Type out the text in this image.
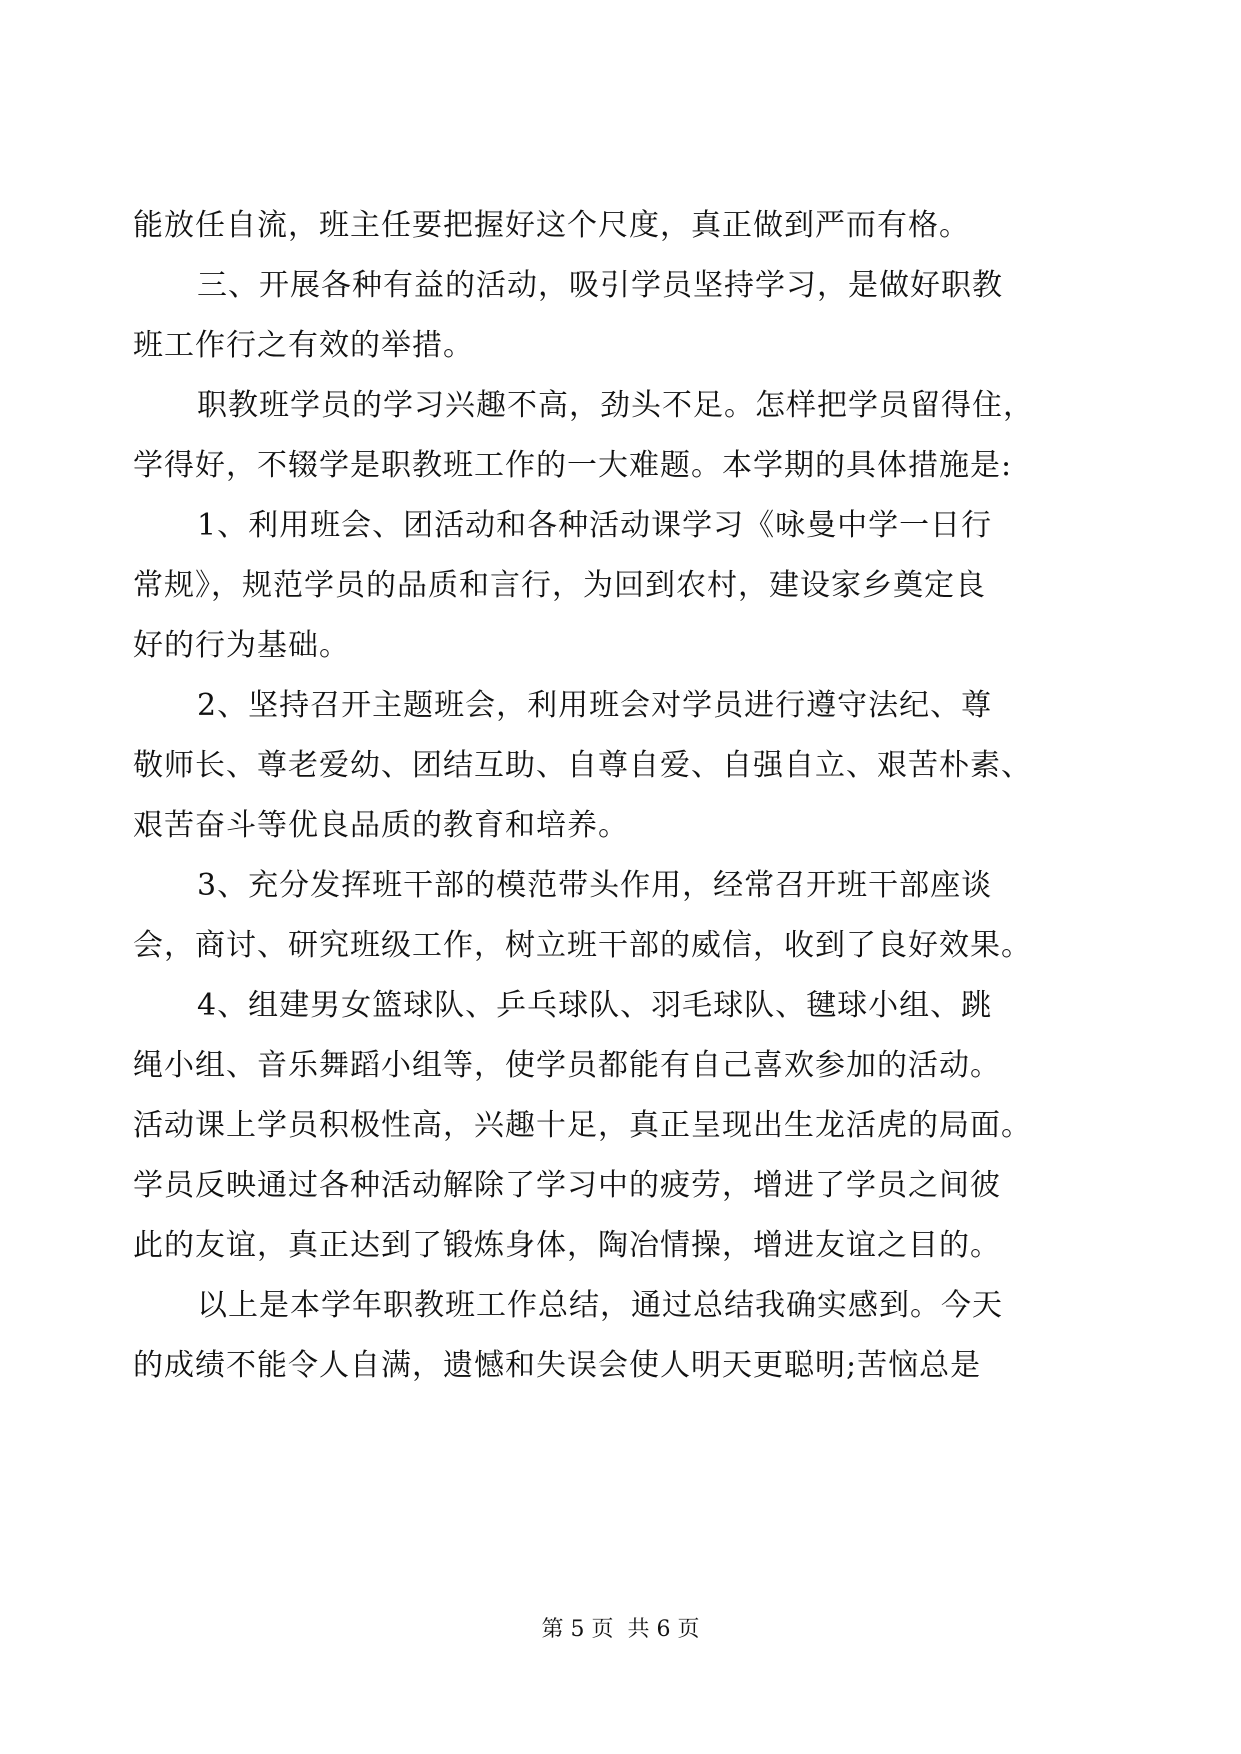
能放任自流，班主任要把握好这个尺度，真正做到严而有格。
三、开展各种有益的活动，吸引学员坚持学习，是做好职教
班工作行之有效的举措。
职教班学员的学习兴趣不高，劲头不足。怎样把学员留得住，
学得好，不辍学是职教班工作的一大难题。本学期的具体措施是:
1、利用班会、团活动和各种活动课学习《咏曼中学一日行
常规》，规范学员的品质和言行，为回到农村，建设家乡奠定良
好的行为基础。
2、坚持召开主题班会，利用班会对学员进行遵守法纪、尊
敬师长、尊老爱幼、团结互助、自尊自爱、自强自立、艰苦朴素、
艰苦奋斗等优良品质的教育和培养。
3、充分发挥班干部的模范带头作用，经常召开班干部座谈
会，商讨、研究班级工作，树立班干部的威信，收到了良好效果。
4、组建男女篮球队、乒乓球队、羽毛球队、毽球小组、跳
绳小组、音乐舞蹈小组等，使学员都能有自己喜欢参加的活动。
活动课上学员积极性高，兴趣十足，真正呈现出生龙活虎的局面。
学员反映通过各种活动解除了学习中的疲劳，增进了学员之间彼
此的友谊，真正达到了锻炼身体，陶冶情操，增进友谊之目的。
以上是本学年职教班工作总结，通过总结我确实感到。今天
的成绩不能令人自满，遗憾和失误会使人明天更聪明;苦恼总是
第 5 页  共 6 页
